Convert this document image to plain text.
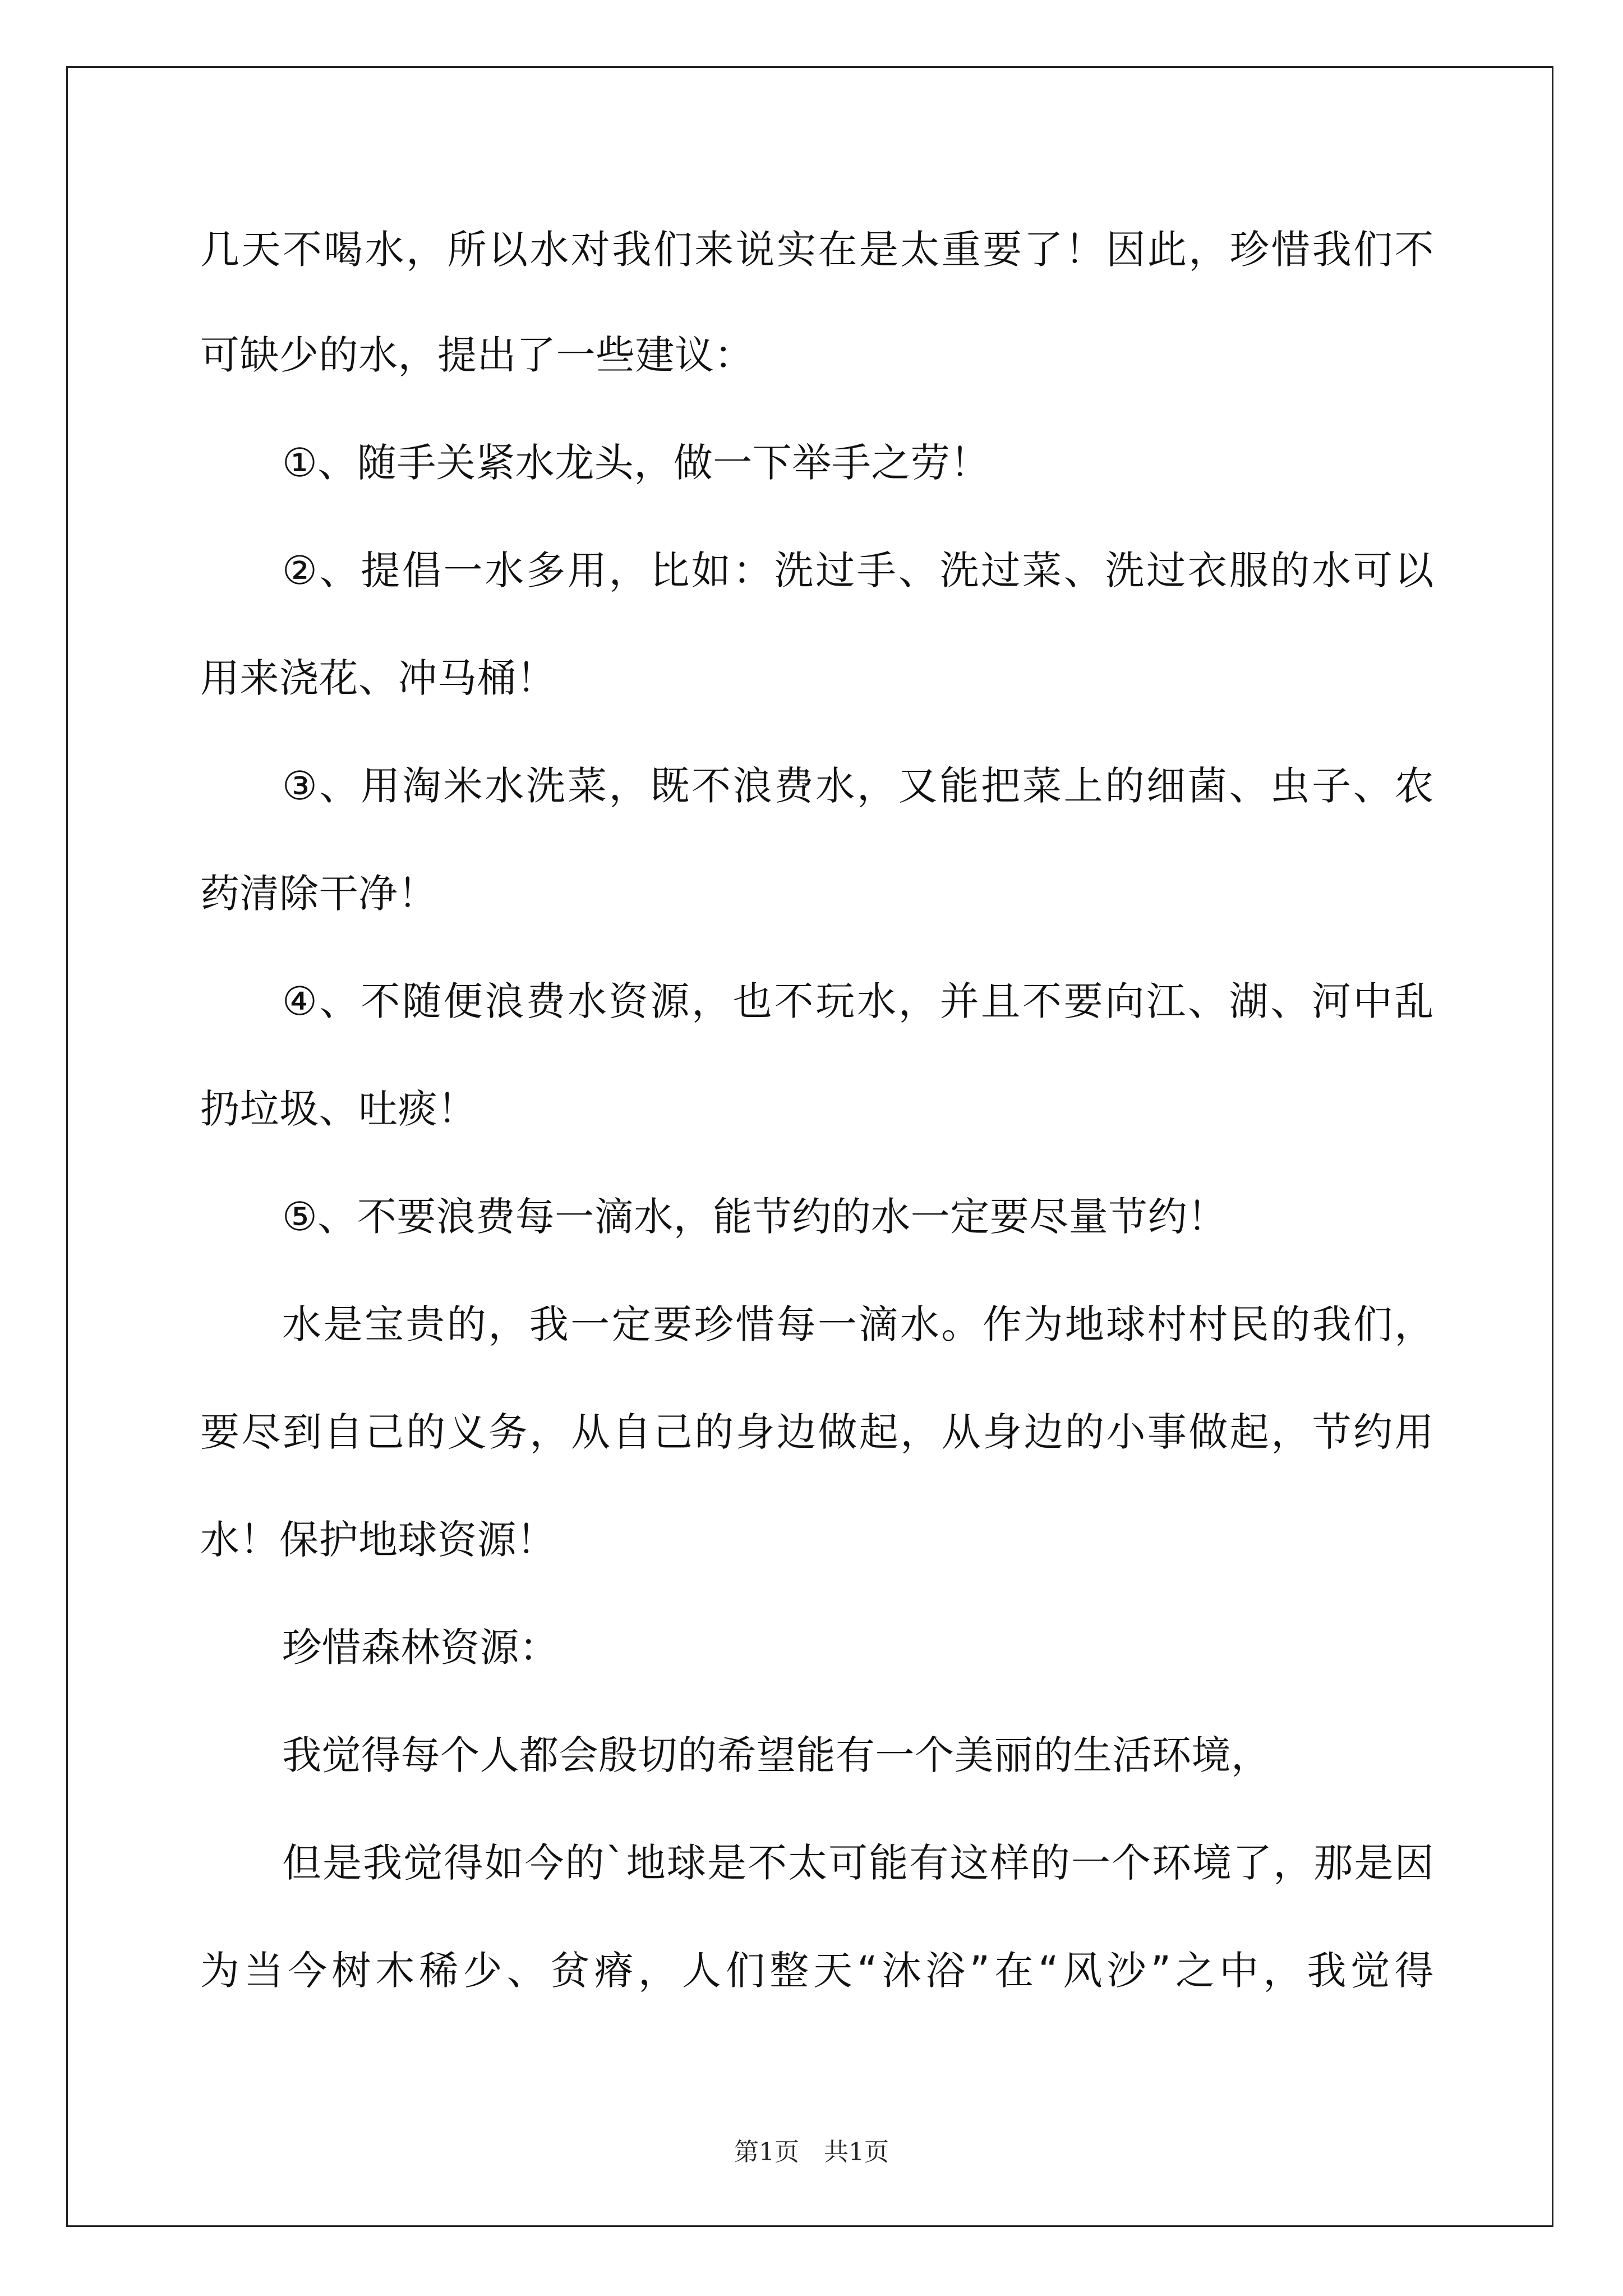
几天不喝水，所以水对我们来说实在是太重要了！因此，珍惜我们不
可缺少的水，提出了一些建议：
①、随手关紧水龙头，做一下举手之劳！
②、提倡一水多用，比如：洗过手、洗过菜、洗过衣服的水可以
用来浇花、冲马桶！
③、用淘米水洗菜，既不浪费水，又能把菜上的细菌、虫子、农
药清除干净！
④、不随便浪费水资源，也不玩水，并且不要向江、湖、河中乱
扔垃圾、吐痰！
⑤、不要浪费每一滴水，能节约的水一定要尽量节约！
水是宝贵的，我一定要珍惜每一滴水。作为地球村村民的我们，
要尽到自己的义务，从自己的身边做起，从身边的小事做起，节约用
水！保护地球资源！
珍惜森林资源：
我觉得每个人都会殷切的希望能有一个美丽的生活环境，
但是我觉得如今的`地球是不太可能有这样的一个环境了，那是因
为当今树木稀少、贫瘠，人们整天“沐浴”在“风沙”之中，我觉得
第1页　共1页
